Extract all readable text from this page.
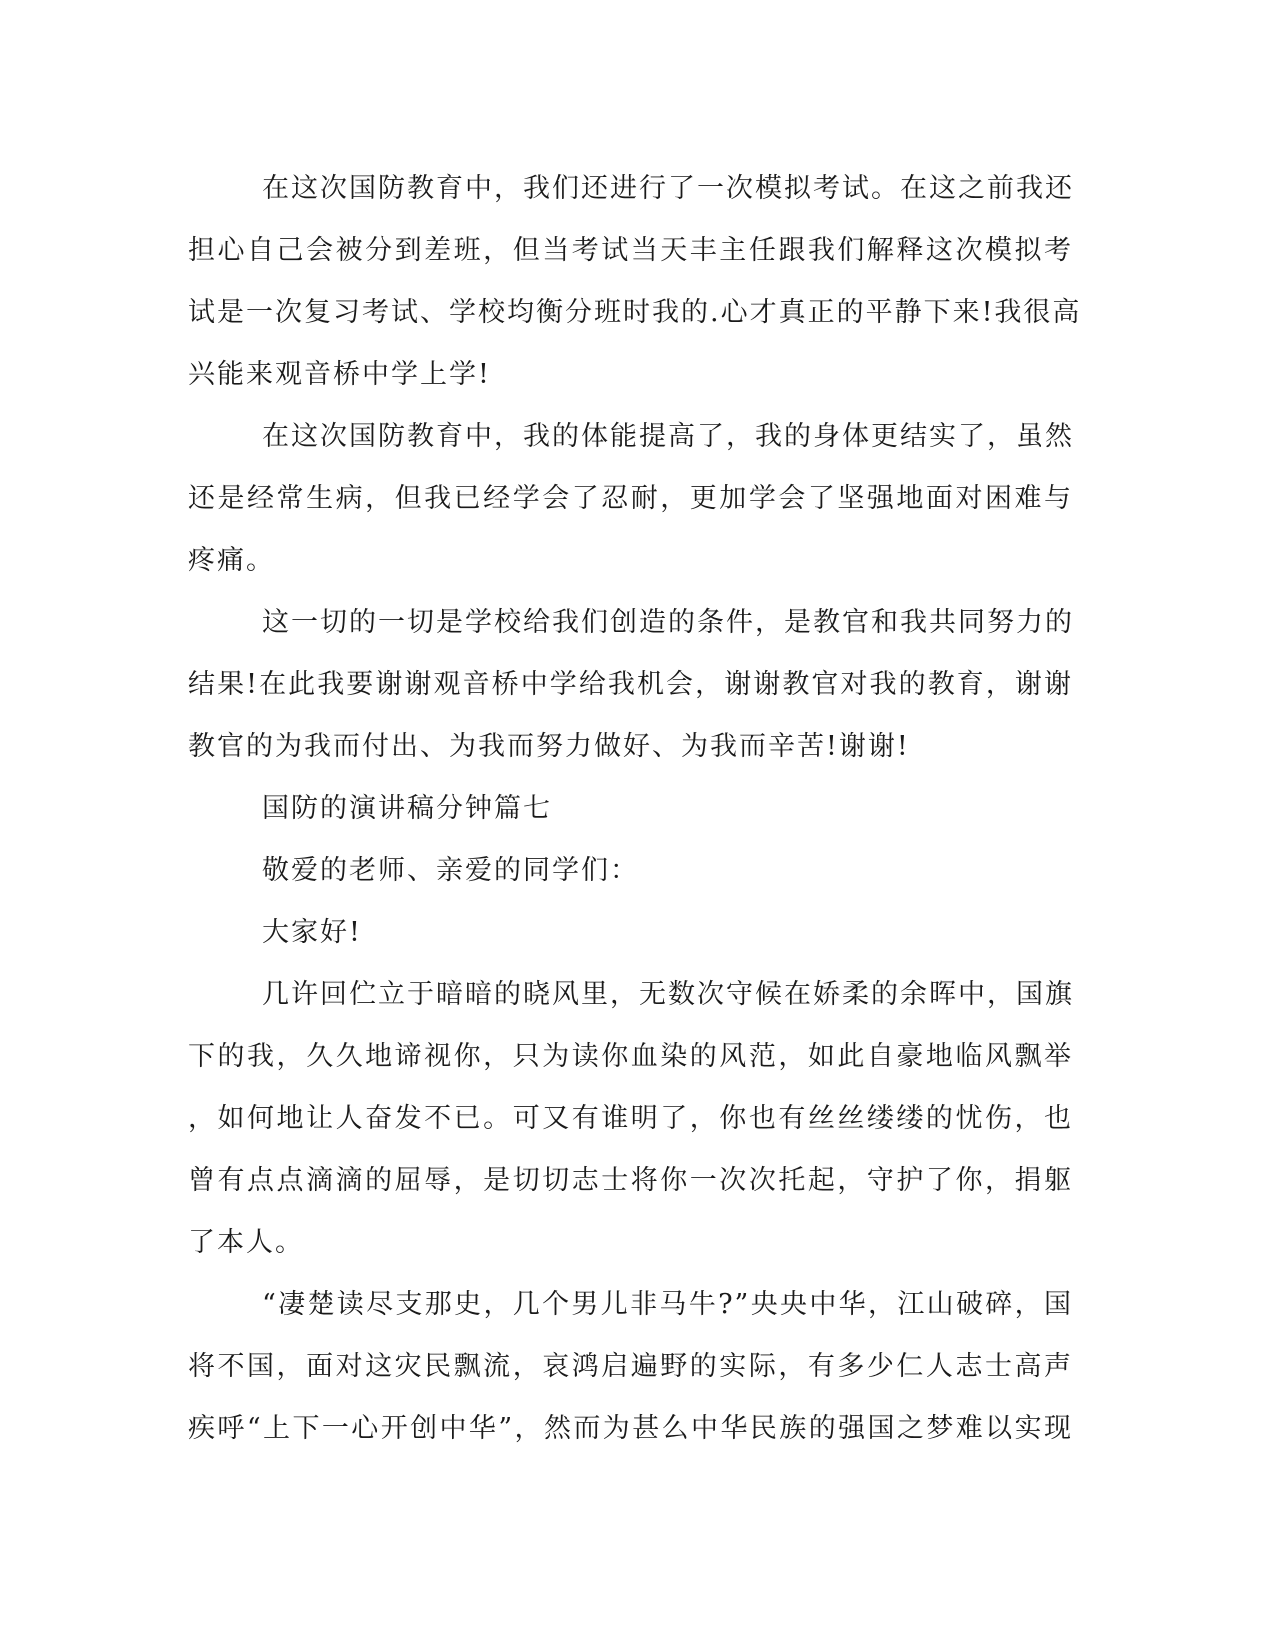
在这次国防教育中，我们还进行了一次模拟考试。在这之前我还
担心自己会被分到差班，但当考试当天丰主任跟我们解释这次模拟考
试是一次复习考试、学校均衡分班时我的.心才真正的平静下来!我很高
兴能来观音桥中学上学!
在这次国防教育中，我的体能提高了，我的身体更结实了，虽然
还是经常生病，但我已经学会了忍耐，更加学会了坚强地面对困难与
疼痛。
这一切的一切是学校给我们创造的条件，是教官和我共同努力的
结果!在此我要谢谢观音桥中学给我机会，谢谢教官对我的教育，谢谢
教官的为我而付出、为我而努力做好、为我而辛苦!谢谢!
国防的演讲稿分钟篇七
敬爱的老师、亲爱的同学们：
大家好!
几许回伫立于暗暗的晓风里，无数次守候在娇柔的余晖中，国旗
下的我，久久地谛视你，只为读你血染的风范，如此自豪地临风飘举
，如何地让人奋发不已。可又有谁明了，你也有丝丝缕缕的忧伤，也
曾有点点滴滴的屈辱，是切切志士将你一次次托起，守护了你，捐躯
了本人。
“凄楚读尽支那史，几个男儿非马牛?”央央中华，江山破碎，国
将不国，面对这灾民飘流，哀鸿启遍野的实际，有多少仁人志士高声
疾呼“上下一心开创中华”，然而为甚么中华民族的强国之梦难以实现
